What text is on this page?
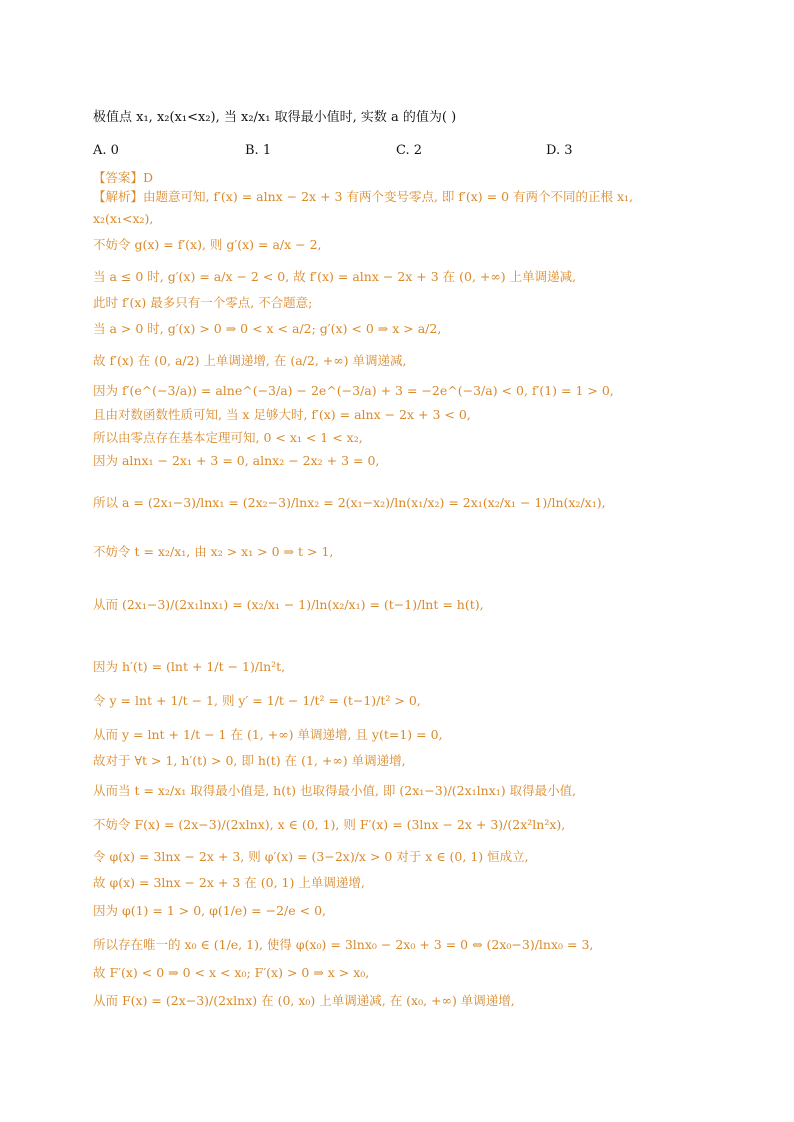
极值点 x₁, x₂(x₁<x₂), 当 x₂/x₁ 取得最小值时, 实数 a 的值为( )
A. 0	B. 1	C. 2	D. 3
【答案】D
【解析】由题意可知, f′(x) = alnx − 2x + 3 有两个变号零点, 即 f′(x) = 0 有两个不同的正根 x₁,
x₂(x₁<x₂),
不妨令 g(x) = f′(x), 则 g′(x) = a/x − 2,
当 a ≤ 0 时, g′(x) = a/x − 2 < 0, 故 f′(x) = alnx − 2x + 3 在 (0, +∞) 上单调递减,
此时 f′(x) 最多只有一个零点, 不合题意;
当 a > 0 时, g′(x) > 0 ⇒ 0 < x < a/2; g′(x) < 0 ⇒ x > a/2,
故 f′(x) 在 (0, a/2) 上单调递增, 在 (a/2, +∞) 单调递减,
因为 f′(e^(−3/a)) = alne^(−3/a) − 2e^(−3/a) + 3 = −2e^(−3/a) < 0, f′(1) = 1 > 0,
且由对数函数性质可知, 当 x 足够大时, f′(x) = alnx − 2x + 3 < 0,
所以由零点存在基本定理可知, 0 < x₁ < 1 < x₂,
因为 alnx₁ − 2x₁ + 3 = 0, alnx₂ − 2x₂ + 3 = 0,
所以 a = (2x₁−3)/lnx₁ = (2x₂−3)/lnx₂ = 2(x₁−x₂)/ln(x₁/x₂) = 2x₁(x₂/x₁ − 1)/ln(x₂/x₁),
不妨令 t = x₂/x₁, 由 x₂ > x₁ > 0 ⇒ t > 1,
从而 (2x₁−3)/(2x₁lnx₁) = (x₂/x₁ − 1)/ln(x₂/x₁) = (t−1)/lnt = h(t),
因为 h′(t) = (lnt + 1/t − 1)/ln²t,
令 y = lnt + 1/t − 1, 则 y′ = 1/t − 1/t² = (t−1)/t² > 0,
从而 y = lnt + 1/t − 1 在 (1, +∞) 单调递增, 且 y(t=1) = 0,
故对于 ∀t > 1, h′(t) > 0, 即 h(t) 在 (1, +∞) 单调递增,
从而当 t = x₂/x₁ 取得最小值是, h(t) 也取得最小值, 即 (2x₁−3)/(2x₁lnx₁) 取得最小值,
不妨令 F(x) = (2x−3)/(2xlnx), x ∈ (0, 1), 则 F′(x) = (3lnx − 2x + 3)/(2x²ln²x),
令 φ(x) = 3lnx − 2x + 3, 则 φ′(x) = (3−2x)/x > 0 对于 x ∈ (0, 1) 恒成立,
故 φ(x) = 3lnx − 2x + 3 在 (0, 1) 上单调递增,
因为 φ(1) = 1 > 0, φ(1/e) = −2/e < 0,
所以存在唯一的 x₀ ∈ (1/e, 1), 使得 φ(x₀) = 3lnx₀ − 2x₀ + 3 = 0 ⇔ (2x₀−3)/lnx₀ = 3,
故 F′(x) < 0 ⇒ 0 < x < x₀; F′(x) > 0 ⇒ x > x₀,
从而 F(x) = (2x−3)/(2xlnx) 在 (0, x₀) 上单调递减, 在 (x₀, +∞) 单调递增,
